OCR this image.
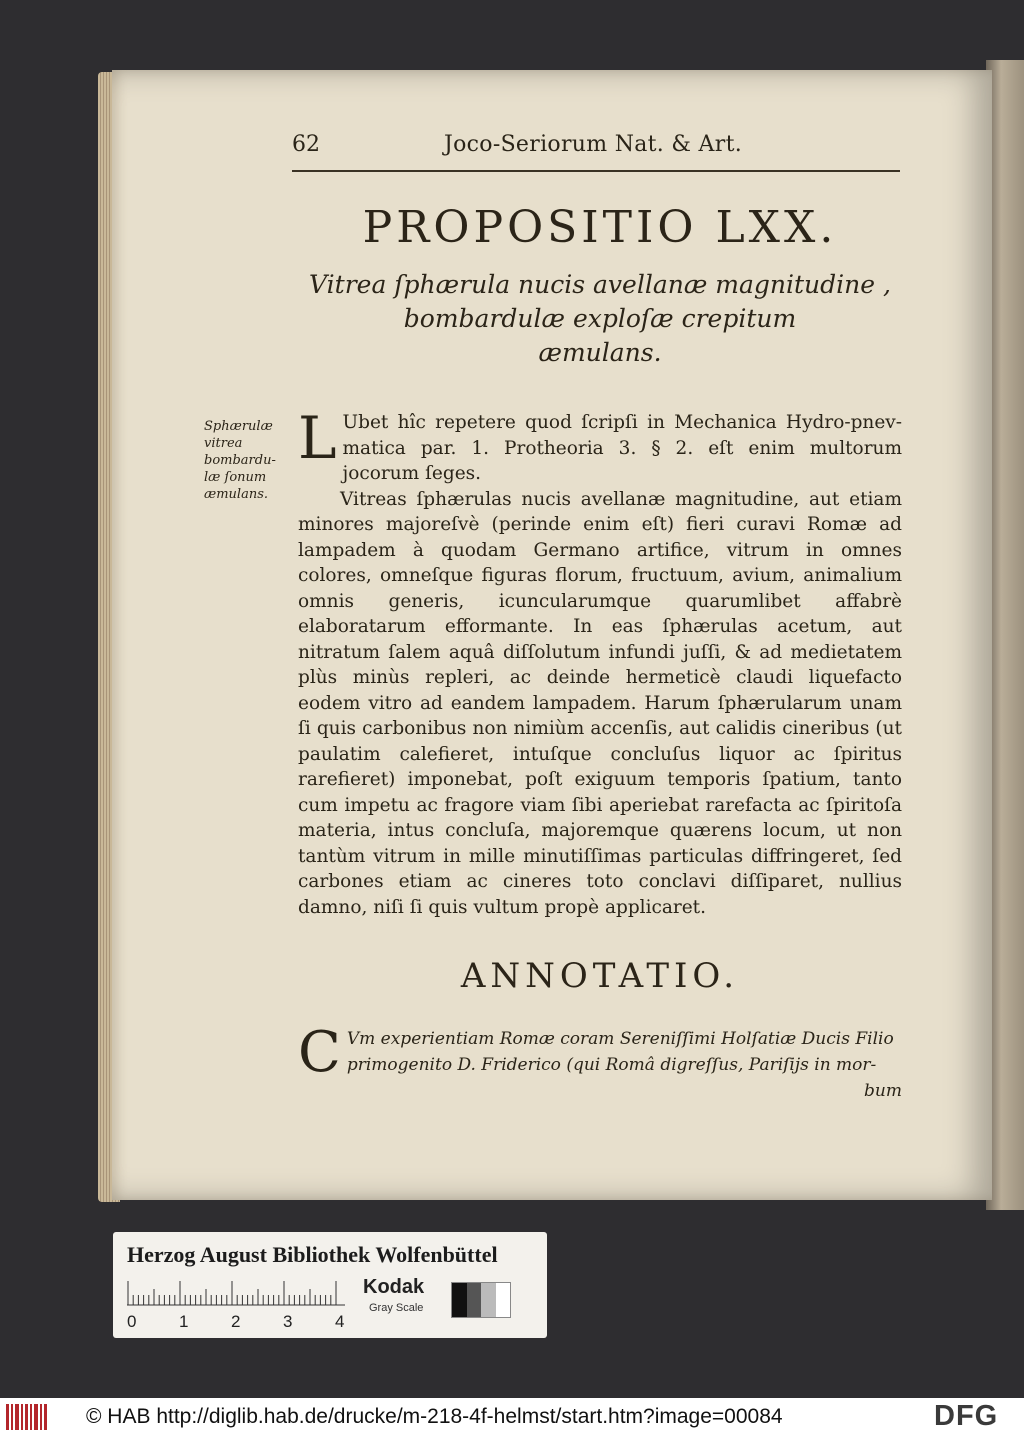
62	Joco-Seriorum Nat. & Art.
PROPOSITIO LXX.
Vitrea ſphærula nucis avellanæ magnitudine ,
bombardulæ exploſæ crepitum
æmulans.
Sphærulæ
vitrea
bombardu-
læ ſonum
æmulans.

L Ubet hîc repetere quod ſcripſi in Mechanica Hydro-pnev-matica par. 1. Protheoria 3. § 2. eſt enim multorum jocorum ſeges.

Vitreas ſphærulas nucis avellanæ magnitudine, aut etiam minores majoreſvè (perinde enim eſt) fieri curavi Romæ ad lampadem à quodam Germano artifice, vitrum in omnes colores, omneſque figuras florum, fructuum, avium, animalium omnis generis, icuncularumque quarumlibet affabrè elaboratarum efformante. In eas ſphærulas acetum, aut nitratum ſalem aquâ diſſolutum infundi juſſi, & ad medietatem plùs minùs repleri, ac deinde hermeticè claudi liquefacto eodem vitro ad eandem lampadem. Harum ſphærularum unam ſi quis carbonibus non nimiùm accenſis, aut calidis cineribus (ut paulatim calefieret, intuſque concluſus liquor ac ſpiritus rarefieret) imponebat, poſt exiguum temporis ſpatium, tanto cum impetu ac fragore viam ſibi aperiebat rarefacta ac ſpiritoſa materia, intus concluſa, majoremque quærens locum, ut non tantùm vitrum in mille minutiſſimas particulas diffringeret, ſed carbones etiam ac cineres toto conclavi diſſiparet, nullius damno, niſi ſi quis vultum propè applicaret.

ANNOTATIO.
C Vm experientiam Romæ coram Sereniſſimi Holſatiæ Ducis Filio primogenito D. Friderico (qui Româ digreſſus, Pariſijs in mor-
bum
Herzog August Bibliothek Wolfenbüttel
0	1	2	3	4
Kodak
Gray Scale
© HAB http://diglib.hab.de/drucke/m-218-4f-helmst/start.htm?image=00084	DFG
